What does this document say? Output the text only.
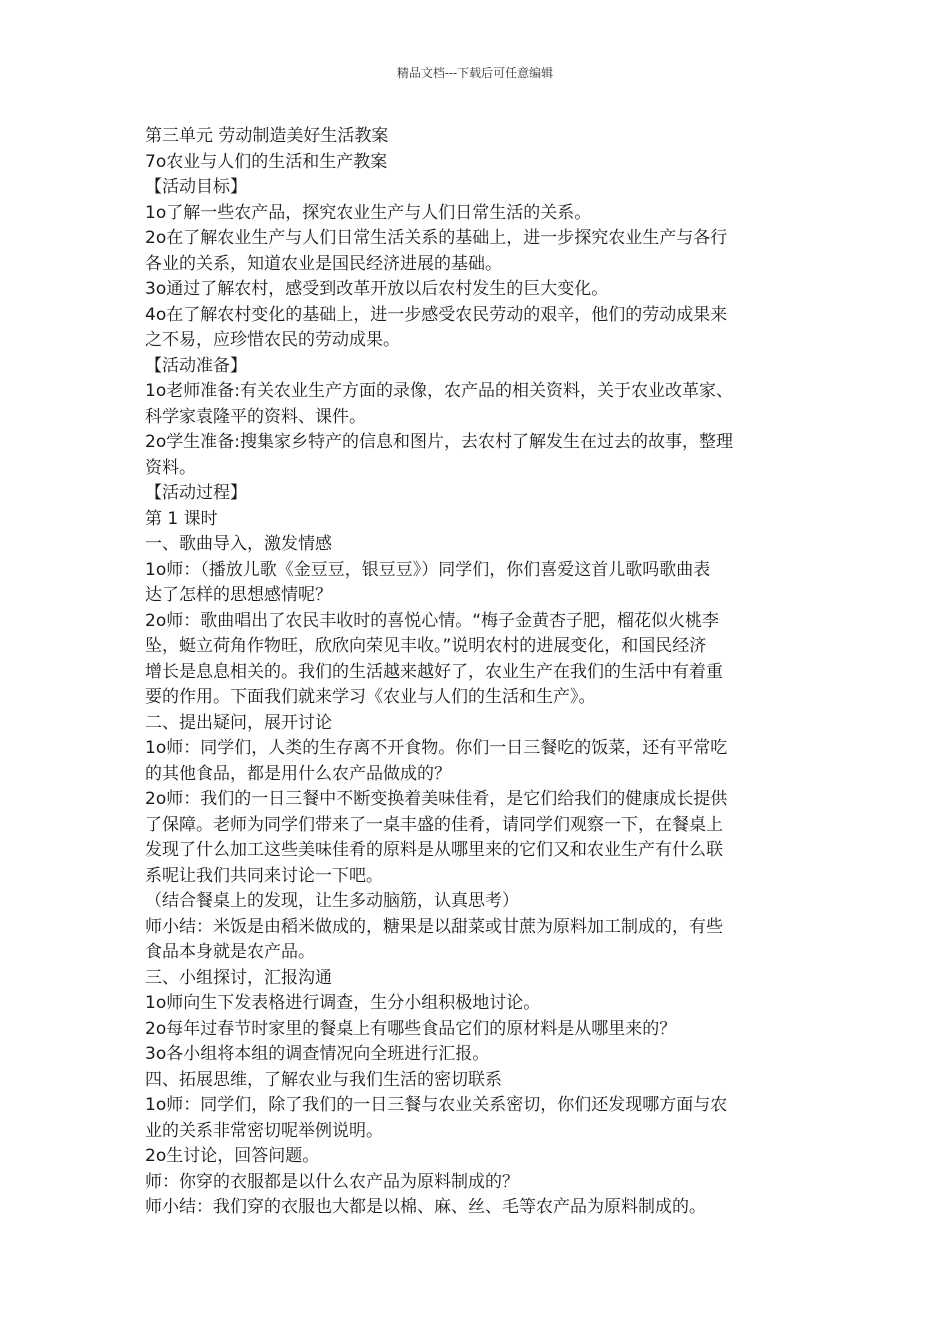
精品文档---下载后可任意编辑

第三单元 劳动制造美好生活教案

7ο农业与人们的生活和生产教案

【活动目标】

1ο了解一些农产品，探究农业生产与人们日常生活的关系。

2ο在了解农业生产与人们日常生活关系的基础上，进一步探究农业生产与各行

各业的关系，知道农业是国民经济进展的基础。

3ο通过了解农村，感受到改革开放以后农村发生的巨大变化。

4ο在了解农村变化的基础上，进一步感受农民劳动的艰辛，他们的劳动成果来

之不易，应珍惜农民的劳动成果。

【活动准备】

1ο老师准备:有关农业生产方面的录像，农产品的相关资料，关于农业改革家、

科学家袁隆平的资料、课件。

2ο学生准备:搜集家乡特产的信息和图片，去农村了解发生在过去的故事，整理

资料。

【活动过程】

第 1 课时

一、歌曲导入，激发情感

1ο师：（播放儿歌《金豆豆，银豆豆》）同学们，你们喜爱这首儿歌吗歌曲表

达了怎样的思想感情呢？

2ο师：歌曲唱出了农民丰收时的喜悦心情。“梅子金黄杏子肥，榴花似火桃李

坠，蜓立荷角作物旺，欣欣向荣见丰收。”说明农村的进展变化，和国民经济

增长是息息相关的。我们的生活越来越好了，农业生产在我们的生活中有着重

要的作用。下面我们就来学习《农业与人们的生活和生产》。

二、提出疑问，展开讨论

1ο师：同学们，人类的生存离不开食物。你们一日三餐吃的饭菜，还有平常吃

的其他食品，都是用什么农产品做成的？

2ο师：我们的一日三餐中不断变换着美味佳肴，是它们给我们的健康成长提供

了保障。老师为同学们带来了一桌丰盛的佳肴，请同学们观察一下，在餐桌上

发现了什么加工这些美味佳肴的原料是从哪里来的它们又和农业生产有什么联

系呢让我们共同来讨论一下吧。

（结合餐桌上的发现，让生多动脑筋，认真思考）

师小结：米饭是由稻米做成的，糖果是以甜菜或甘蔗为原料加工制成的，有些

食品本身就是农产品。

三、小组探讨，汇报沟通

1ο师向生下发表格进行调查，生分小组积极地讨论。

2ο每年过春节时家里的餐桌上有哪些食品它们的原材料是从哪里来的？

3ο各小组将本组的调查情况向全班进行汇报。

四、拓展思维，了解农业与我们生活的密切联系

1ο师：同学们，除了我们的一日三餐与农业关系密切，你们还发现哪方面与农

业的关系非常密切呢举例说明。

2ο生讨论，回答问题。

师：你穿的衣服都是以什么农产品为原料制成的？

师小结：我们穿的衣服也大都是以棉、麻、丝、毛等农产品为原料制成的。
